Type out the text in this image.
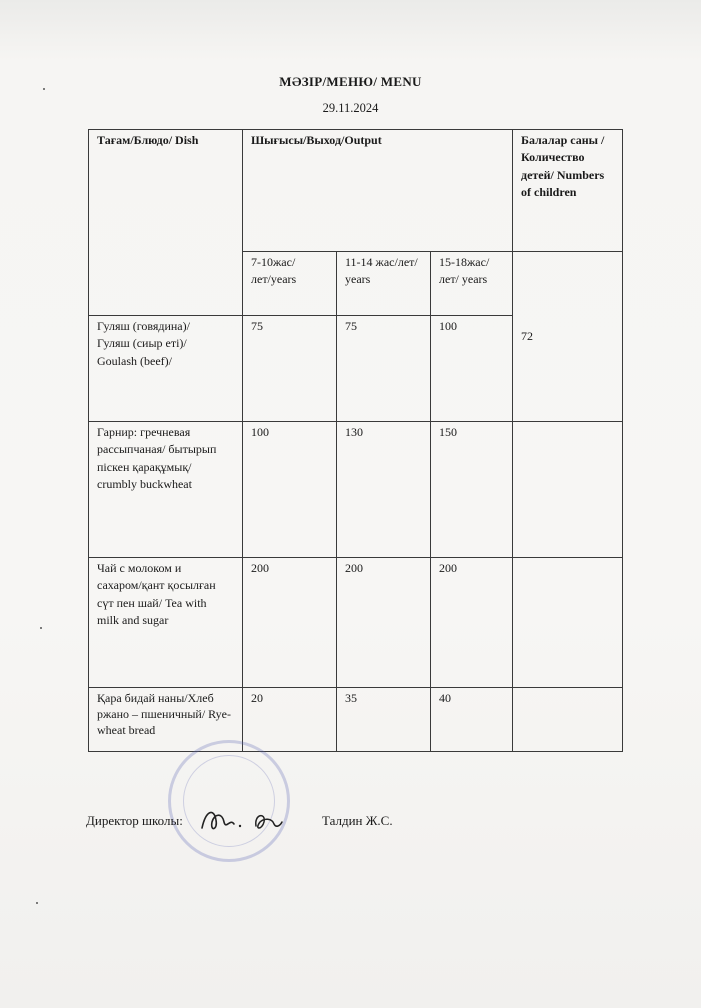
МӘЗІР/МЕНЮ/ MENU
29.11.2024
Тағам/Блюдо/ Dish	Шығысы/Выход/Output			Балалар саны /Количество детей/ Numbers of children
	7-10жас/лет/years	11-14 жас/лет/ years	15-18жас/лет/ years	72

Гуляш (говядина)/
Гуляш (сиыр еті)/
Goulash (beef)/	75	75	100	

Гарнир: гречневая
рассыпчаная/ бытырып
піскен қарақұмық/
crumbly buckwheat	100	130	150	

Чай с молоком и
сахаром/қант қосылған
сүт пен шай/ Tea with
milk and sugar	200	200	200	
Қара бидай наны/Хлеб ржано – пшеничный/ Rye-wheat bread	20	35	40	
Директор школы:	Талдин Ж.С.
